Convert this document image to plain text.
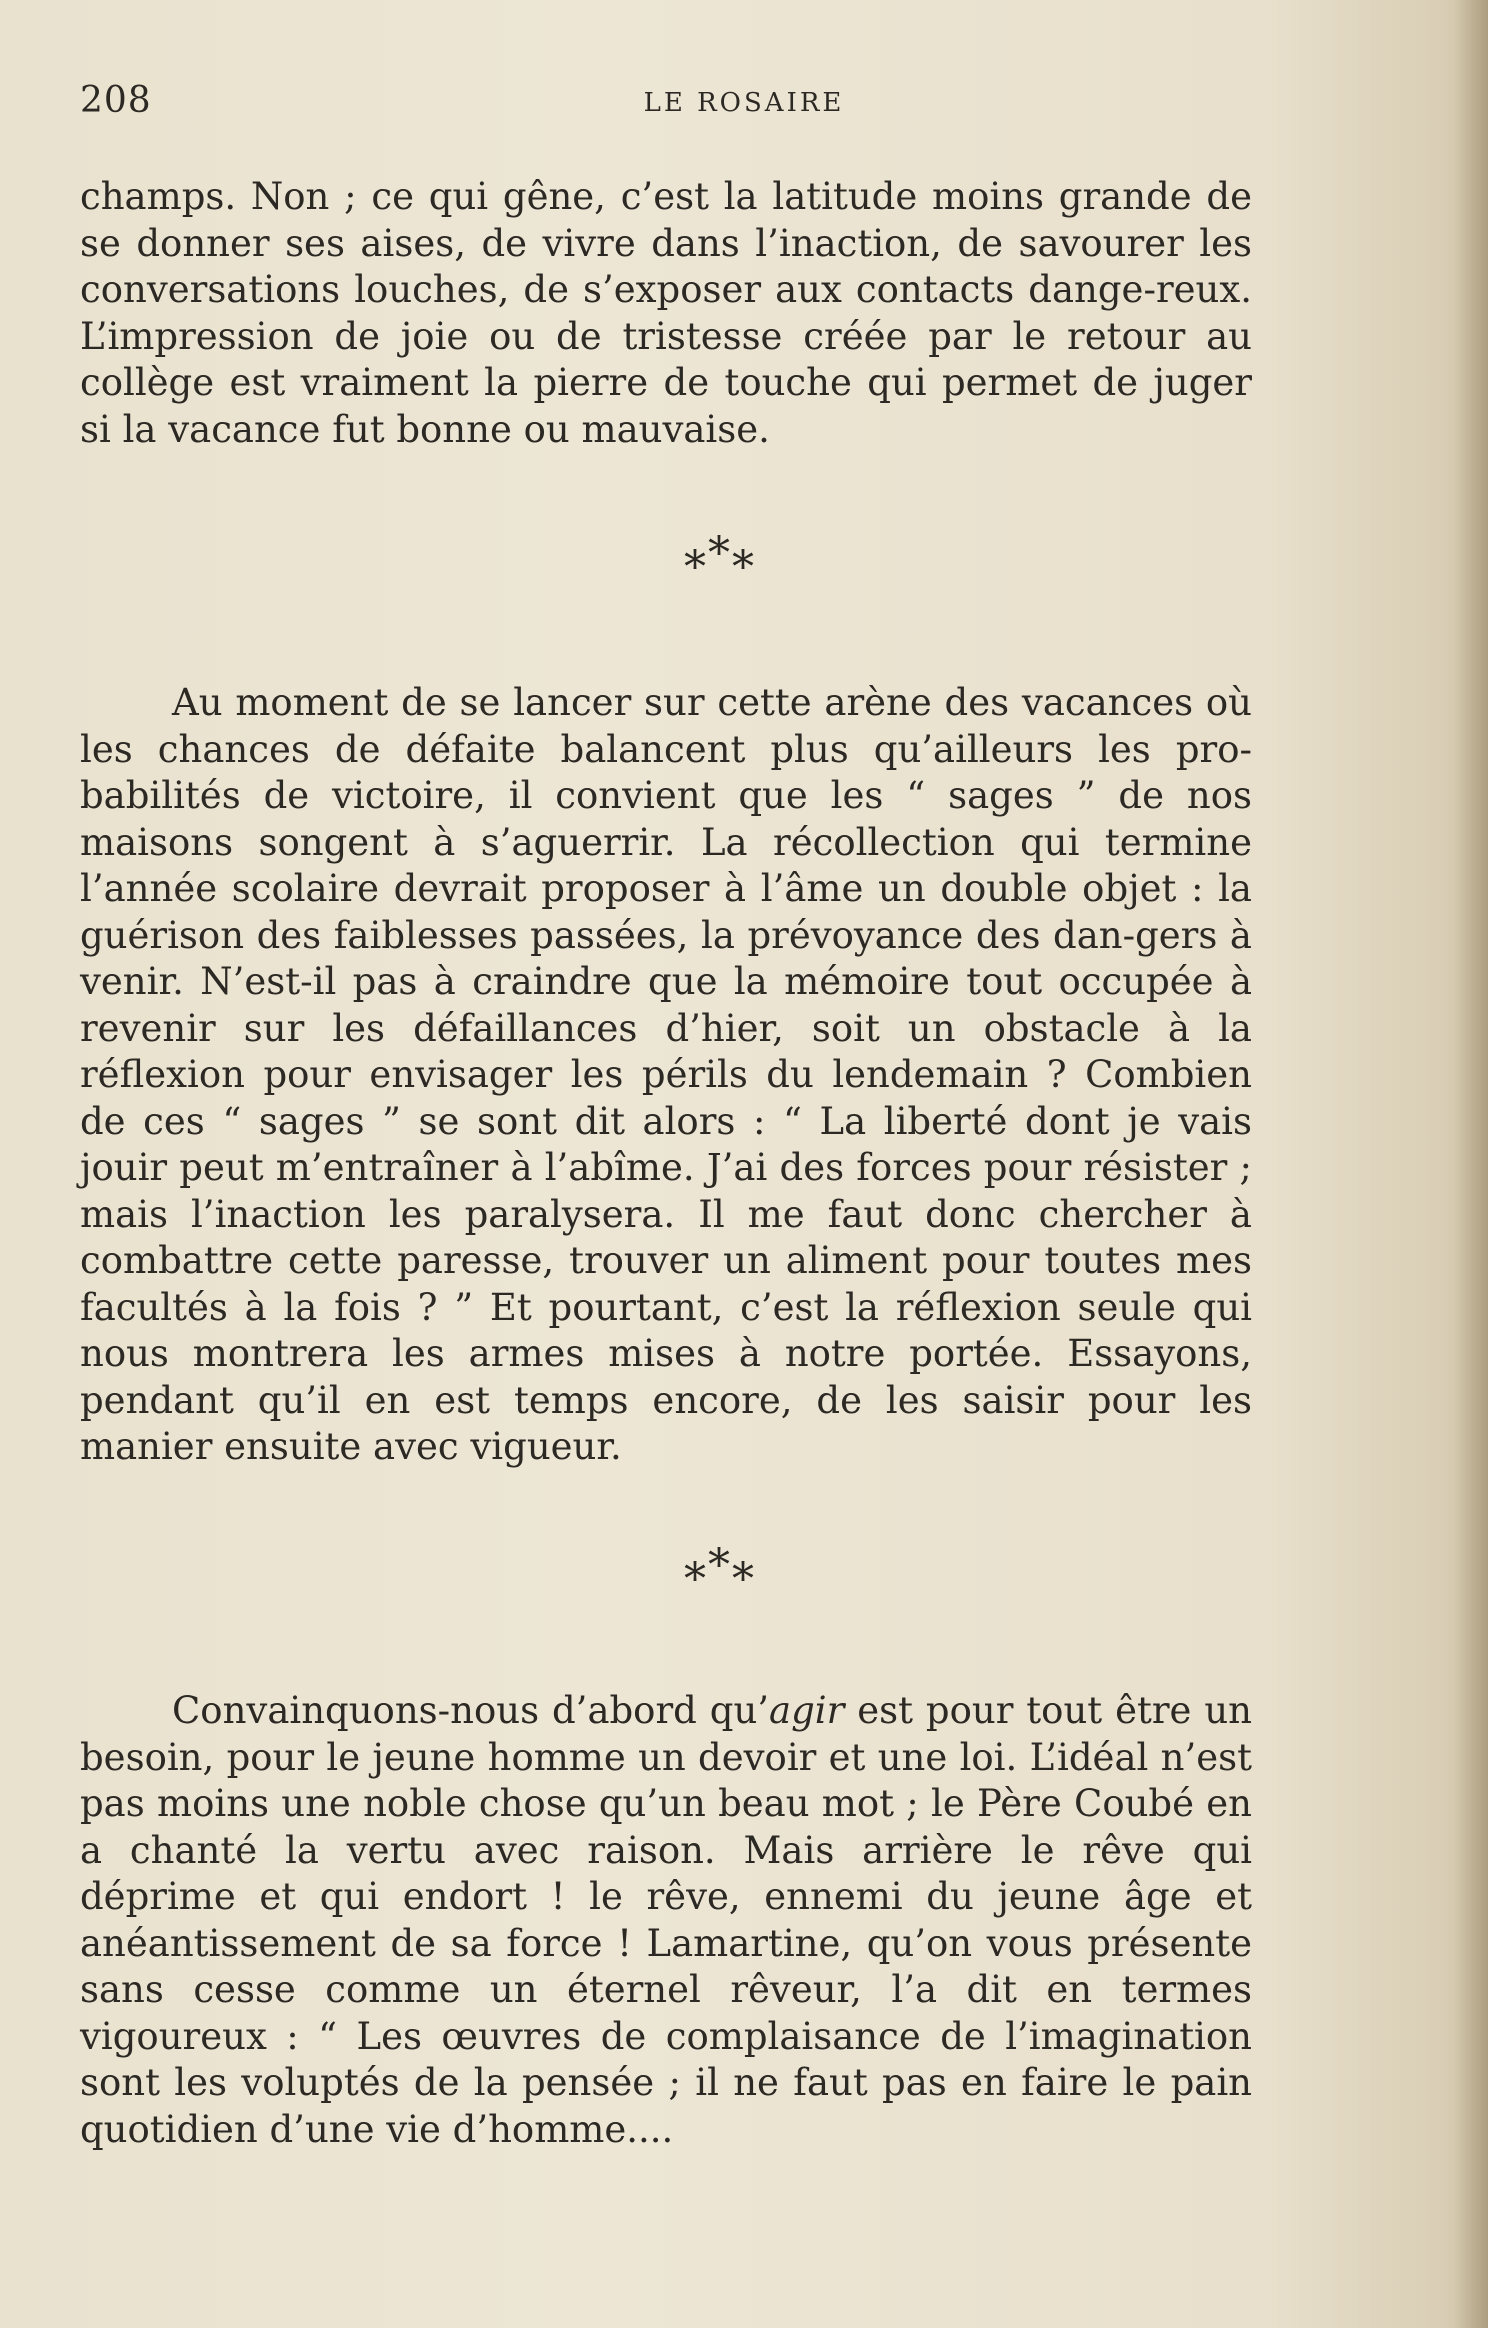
208	LE ROSAIRE

champs. Non ; ce qui gêne, c’est la latitude moins grande de se donner ses aises, de vivre dans l’inaction, de savourer les conversations louches, de s’exposer aux contacts dange-reux. L’impression de joie ou de tristesse créée par le retour au collège est vraiment la pierre de touche qui permet de juger si la vacance fut bonne ou mauvaise.

***

Au moment de se lancer sur cette arène des vacances où les chances de défaite balancent plus qu’ailleurs les pro-babilités de victoire, il convient que les “ sages ” de nos maisons songent à s’aguerrir. La récollection qui termine l’année scolaire devrait proposer à l’âme un double objet : la guérison des faiblesses passées, la prévoyance des dan-gers à venir. N’est-il pas à craindre que la mémoire tout occupée à revenir sur les défaillances d’hier, soit un obstacle à la réflexion pour envisager les périls du lendemain ? Combien de ces “ sages ” se sont dit alors : “ La liberté dont je vais jouir peut m’entraîner à l’abîme. J’ai des forces pour résister ; mais l’inaction les paralysera. Il me faut donc chercher à combattre cette paresse, trouver un aliment pour toutes mes facultés à la fois ? ” Et pourtant, c’est la réflexion seule qui nous montrera les armes mises à notre portée. Essayons, pendant qu’il en est temps encore, de les saisir pour les manier ensuite avec vigueur.

***

Convainquons-nous d’abord qu’agir est pour tout être un besoin, pour le jeune homme un devoir et une loi. L’idéal n’est pas moins une noble chose qu’un beau mot ; le Père Coubé en a chanté la vertu avec raison. Mais arrière le rêve qui déprime et qui endort ! le rêve, ennemi du jeune âge et anéantissement de sa force ! Lamartine, qu’on vous présente sans cesse comme un éternel rêveur, l’a dit en termes vigoureux : “ Les œuvres de complaisance de l’imagination sont les voluptés de la pensée ; il ne faut pas en faire le pain quotidien d’une vie d’homme....
